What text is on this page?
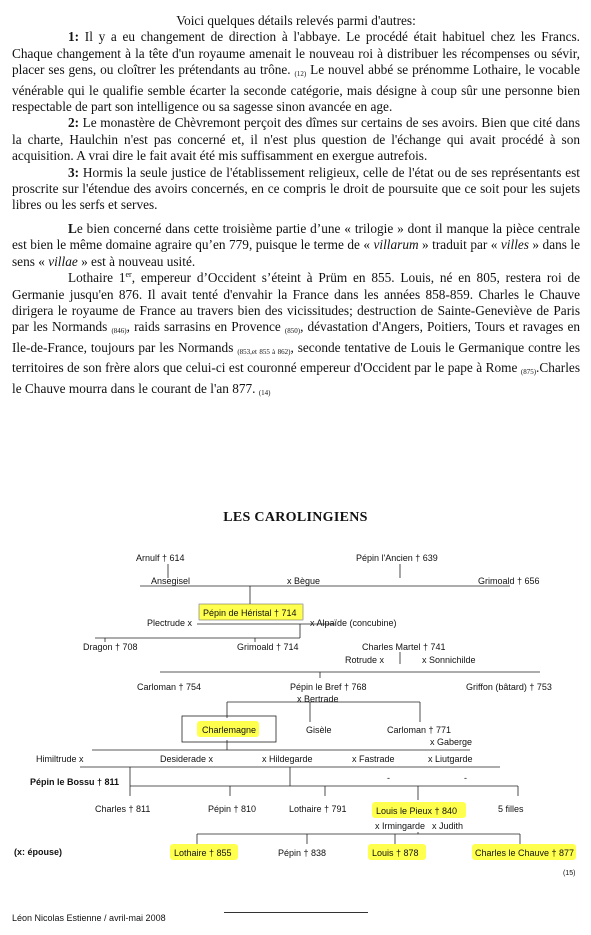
Voici quelques détails relevés parmi d'autres:

1: Il y a eu changement de direction à l'abbaye. Le procédé était habituel chez les Francs. Chaque changement à la tête d'un royaume amenait le nouveau roi à distribuer les récompenses ou sévir, placer ses gens, ou cloîtrer les prétendants au trône. $_{(12)}$ Le nouvel abbé se prénomme Lothaire, le vocable vénérable qui le qualifie semble écarter la seconde catégorie, mais désigne à coup sûr une personne bien respectable de part son intelligence ou sa sagesse sinon avancée en age.

2: Le monastère de Chèvremont perçoit des dîmes sur certains de ses avoirs. Bien que cité dans la charte, Haulchin n'est pas concerné et, il n'est plus question de l'échange qui avait procédé à son acquisition. A vrai dire le fait avait été mis suffisamment en exergue autrefois.

3: Hormis la seule justice de l'établissement religieux, celle de l'état ou de ses représentants est proscrite sur l'étendue des avoirs concernés, en ce compris le droit de poursuite que ce soit pour les sujets libres ou les serfs et serves.

Le bien concerné dans cette troisième partie d’une « trilogie » dont il manque la pièce centrale est bien le même domaine agraire qu’en 779, puisque le terme de « villarum » traduit par « villes » dans le sens « villae » est à nouveau usité.

Lothaire 1er, empereur d’Occident s’éteint à Prüm en 855. Louis, né en 805, restera roi de Germanie jusqu'en 876. Il avait tenté d'envahir la France dans les années 858-859. Charles le Chauve dirigera le royaume de France au travers bien des vicissitudes; destruction de Sainte-Geneviève de Paris par les Normands (846), raids sarrasins en Provence (850), dévastation d'Angers, Poitiers, Tours et ravages en Ile-de-France, toujours par les Normands (853,et 855 à 862), seconde tentative de Louis le Germanique contre les territoires de son frère alors que celui-ci est couronné empereur d'Occident par le pape à Rome (875).Charles le Chauve mourra dans le courant de l'an 877. $_{(14)}$

LES CAROLINGIENS
Arnulf † 614	Pépin l'Ancien † 639
Ansegisel	x Bègue	Grimoald † 656
Pépin de Héristal † 714
Plectrude x	x Alpaïde (concubine)
Dragon † 708	Grimoald † 714	Charles Martel † 741
Rotrude x	x Sonnichilde
Carloman † 754	Pépin le Bref † 768
x Bertrade
Griffon (bâtard) † 753
Charlemagne	Gisèle	Carloman † 771
x Gaberge
Himiltrude x	Desiderade x	x Hildegarde	x Fastrade	x Liutgarde
Pépin le Bossu † 811	-	-
Charles † 811	Pépin † 810	Lothaire † 791	Louis le Pieux † 840	5 filles
x Irmingarde x Judith
(x: épouse)	Lothaire † 855	Pépin † 838	Louis † 878	Charles le Chauve † 877
(15)
Léon Nicolas Estienne / avril-mai 2008
